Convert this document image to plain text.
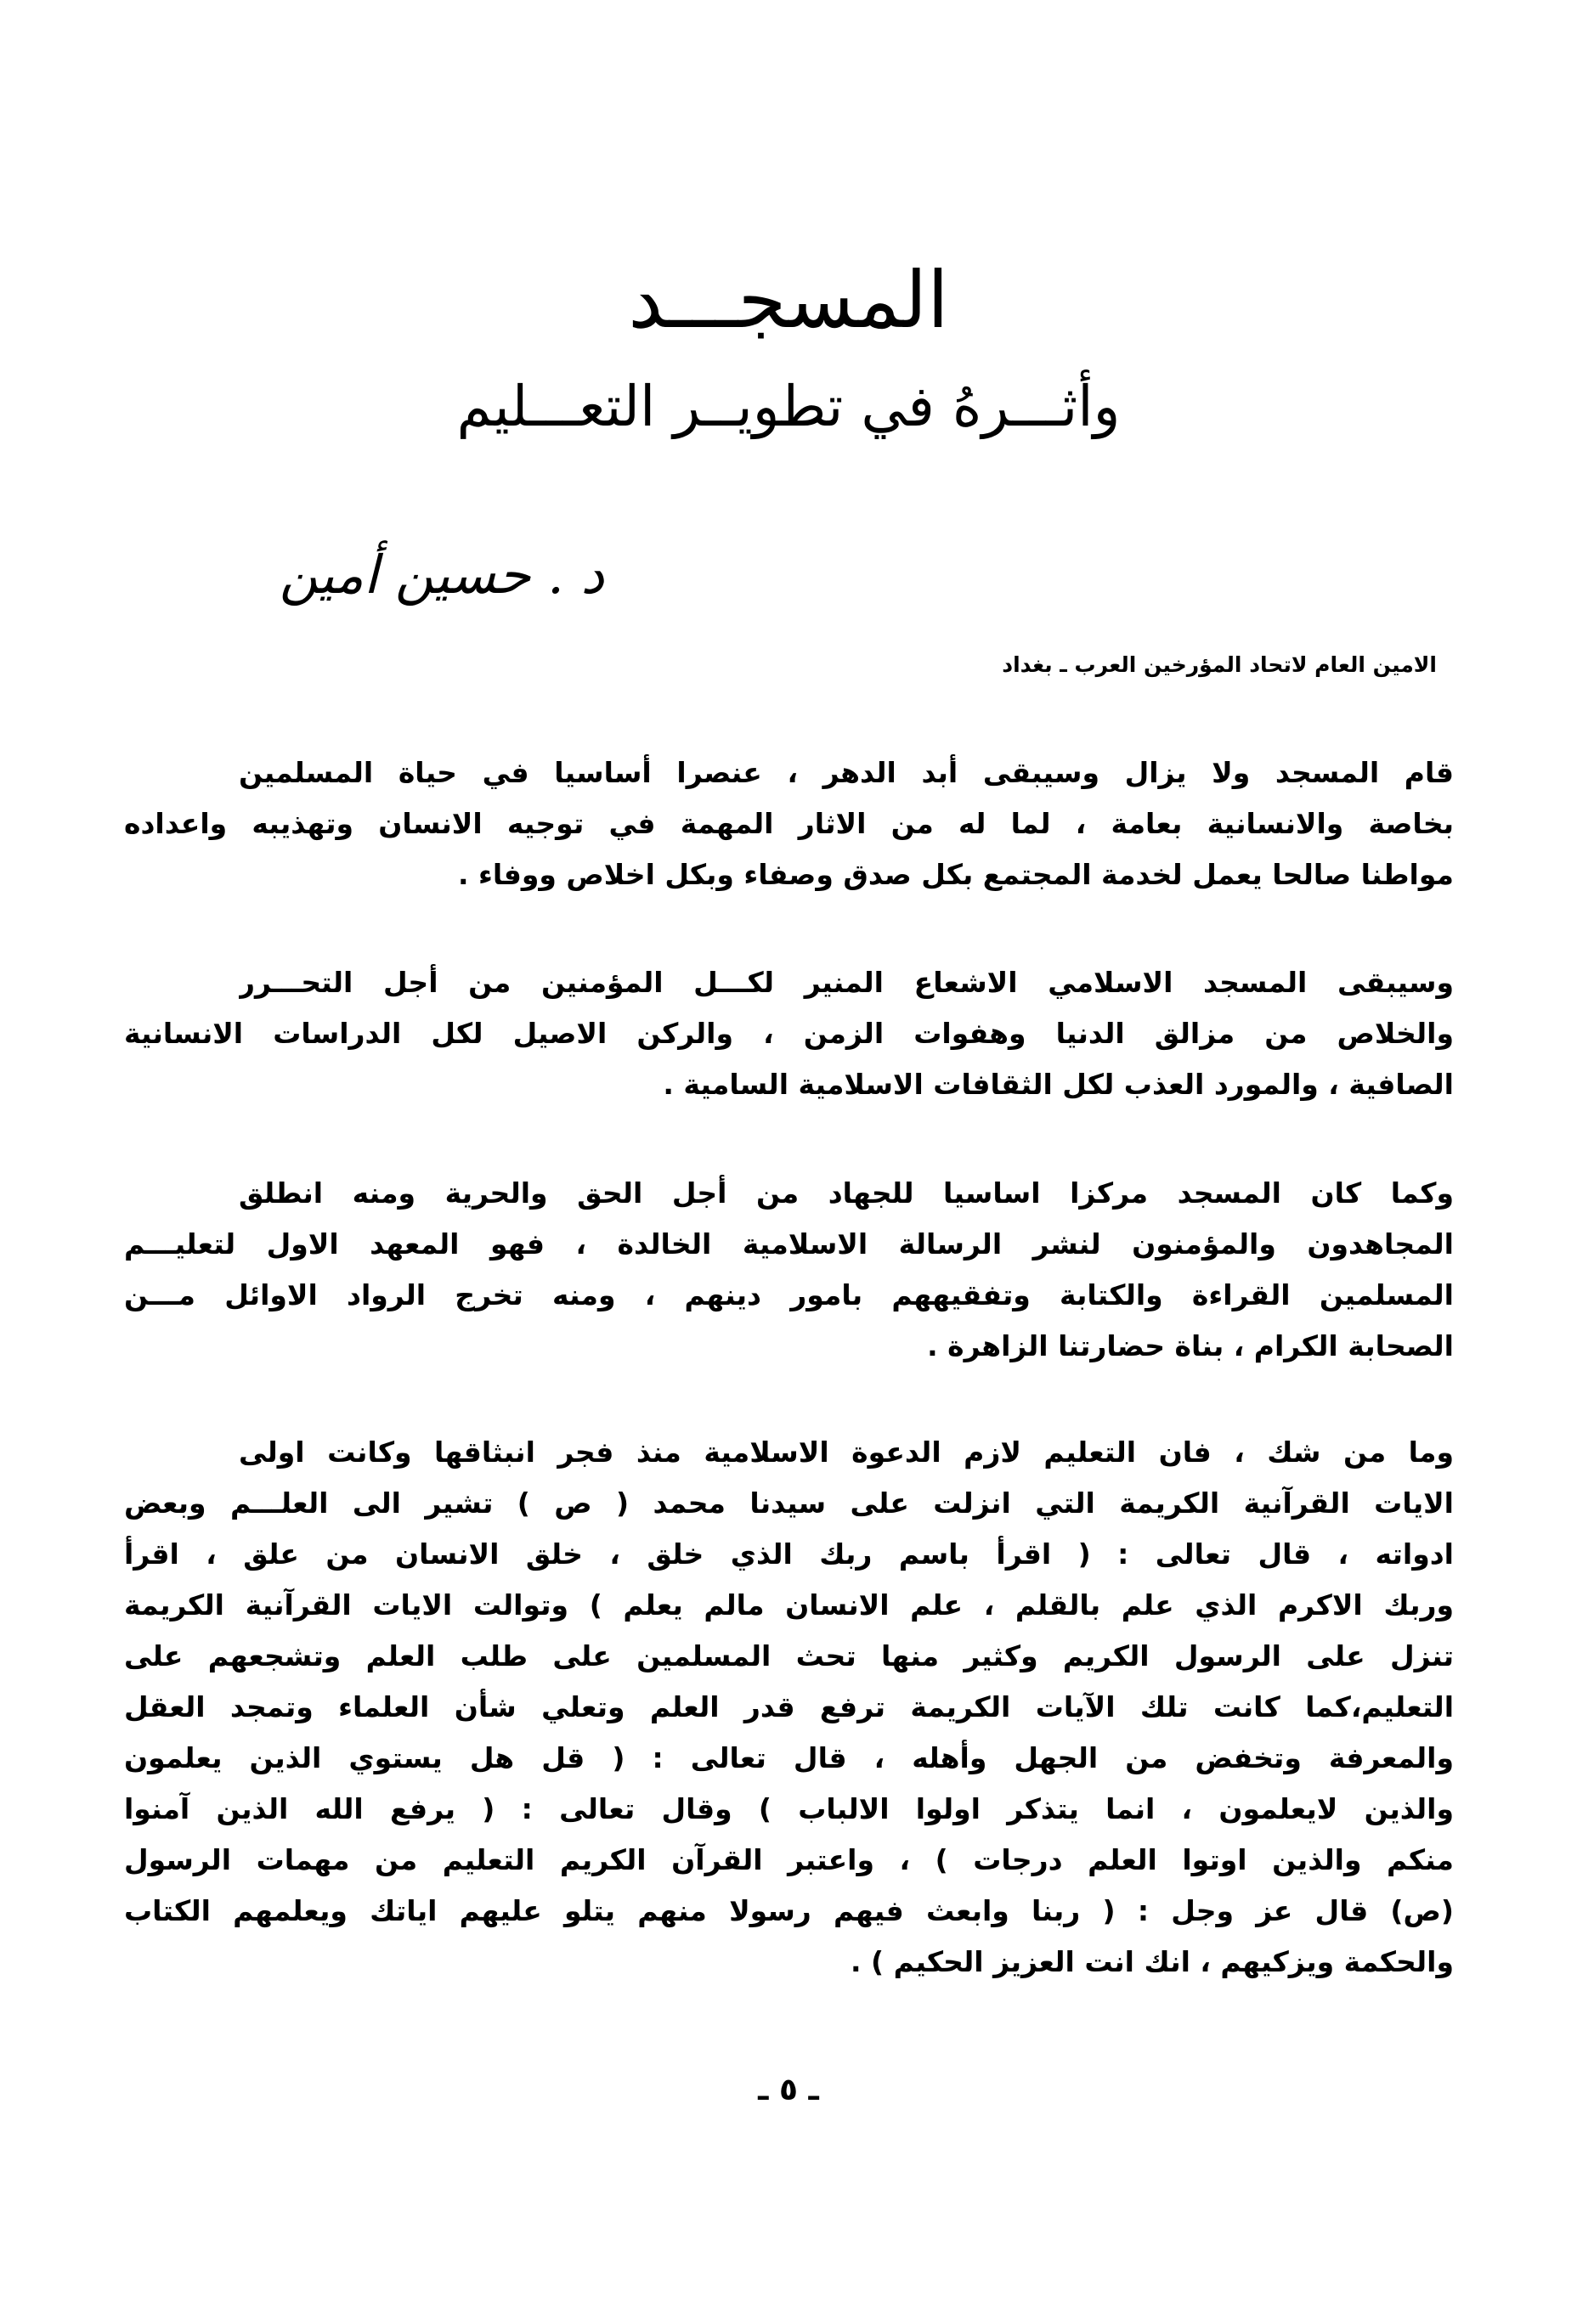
المسجـــد
وأثـــرهُ في تطويــر التعـــليم
د . حسين أمين
الامين العام لاتحاد المؤرخين العرب ـ بغداد
قام المسجد ولا يزال وسيبقى أبد الدهر ، عنصرا أساسيا في حياة المسلمين
بخاصة والانسانية بعامة ، لما له من الاثار المهمة في توجيه الانسان وتهذيبه واعداده
مواطنا صالحا يعمل لخدمة المجتمع بكل صدق وصفاء وبكل اخلاص ووفاء .
وسيبقى المسجد الاسلامي الاشعاع المنير لكـــل المؤمنين من أجل التحـــرر
والخلاص من مزالق الدنيا وهفوات الزمن ، والركن الاصيل لكل الدراسات الانسانية
الصافية ، والمورد العذب لكل الثقافات الاسلامية السامية .
وكما كان المسجد مركزا اساسيا للجهاد من أجل الحق والحرية ومنه انطلق
المجاهدون والمؤمنون لنشر الرسالة الاسلامية الخالدة ، فهو المعهد الاول لتعليـــم
المسلمين القراءة والكتابة وتفقيههم بامور دينهم ، ومنه تخرج الرواد الاوائل مـــن
الصحابة الكرام ، بناة حضارتنا الزاهرة .
وما من شك ، فان التعليم لازم الدعوة الاسلامية منذ فجر انبثاقها وكانت اولى
الايات القرآنية الكريمة التي انزلت على سيدنا محمد ( ص ) تشير الى العلـــم وبعض
ادواته ، قال تعالى : ( اقرأ باسم ربك الذي خلق ، خلق الانسان من علق ، اقرأ
وربك الاكرم الذي علم بالقلم ، علم الانسان مالم يعلم ) وتوالت الايات القرآنية الكريمة
تنزل على الرسول الكريم وكثير منها تحث المسلمين على طلب العلم وتشجعهم على
التعليم،كما كانت تلك الآيات الكريمة ترفع قدر العلم وتعلي شأن العلماء وتمجد العقل
والمعرفة وتخفض من الجهل وأهله ، قال تعالى : ( قل هل يستوي الذين يعلمون
والذين لايعلمون ، انما يتذكر اولوا الالباب ) وقال تعالى : ( يرفع الله الذين آمنوا
منكم والذين اوتوا العلم درجات ) ، واعتبر القرآن الكريم التعليم من مهمات الرسول
(ص) قال عز وجل : ( ربنا وابعث فيهم رسولا منهم يتلو عليهم اياتك ويعلمهم الكتاب
والحكمة ويزكيهم ، انك انت العزيز الحكيم ) .
ـ ٥ ـ
